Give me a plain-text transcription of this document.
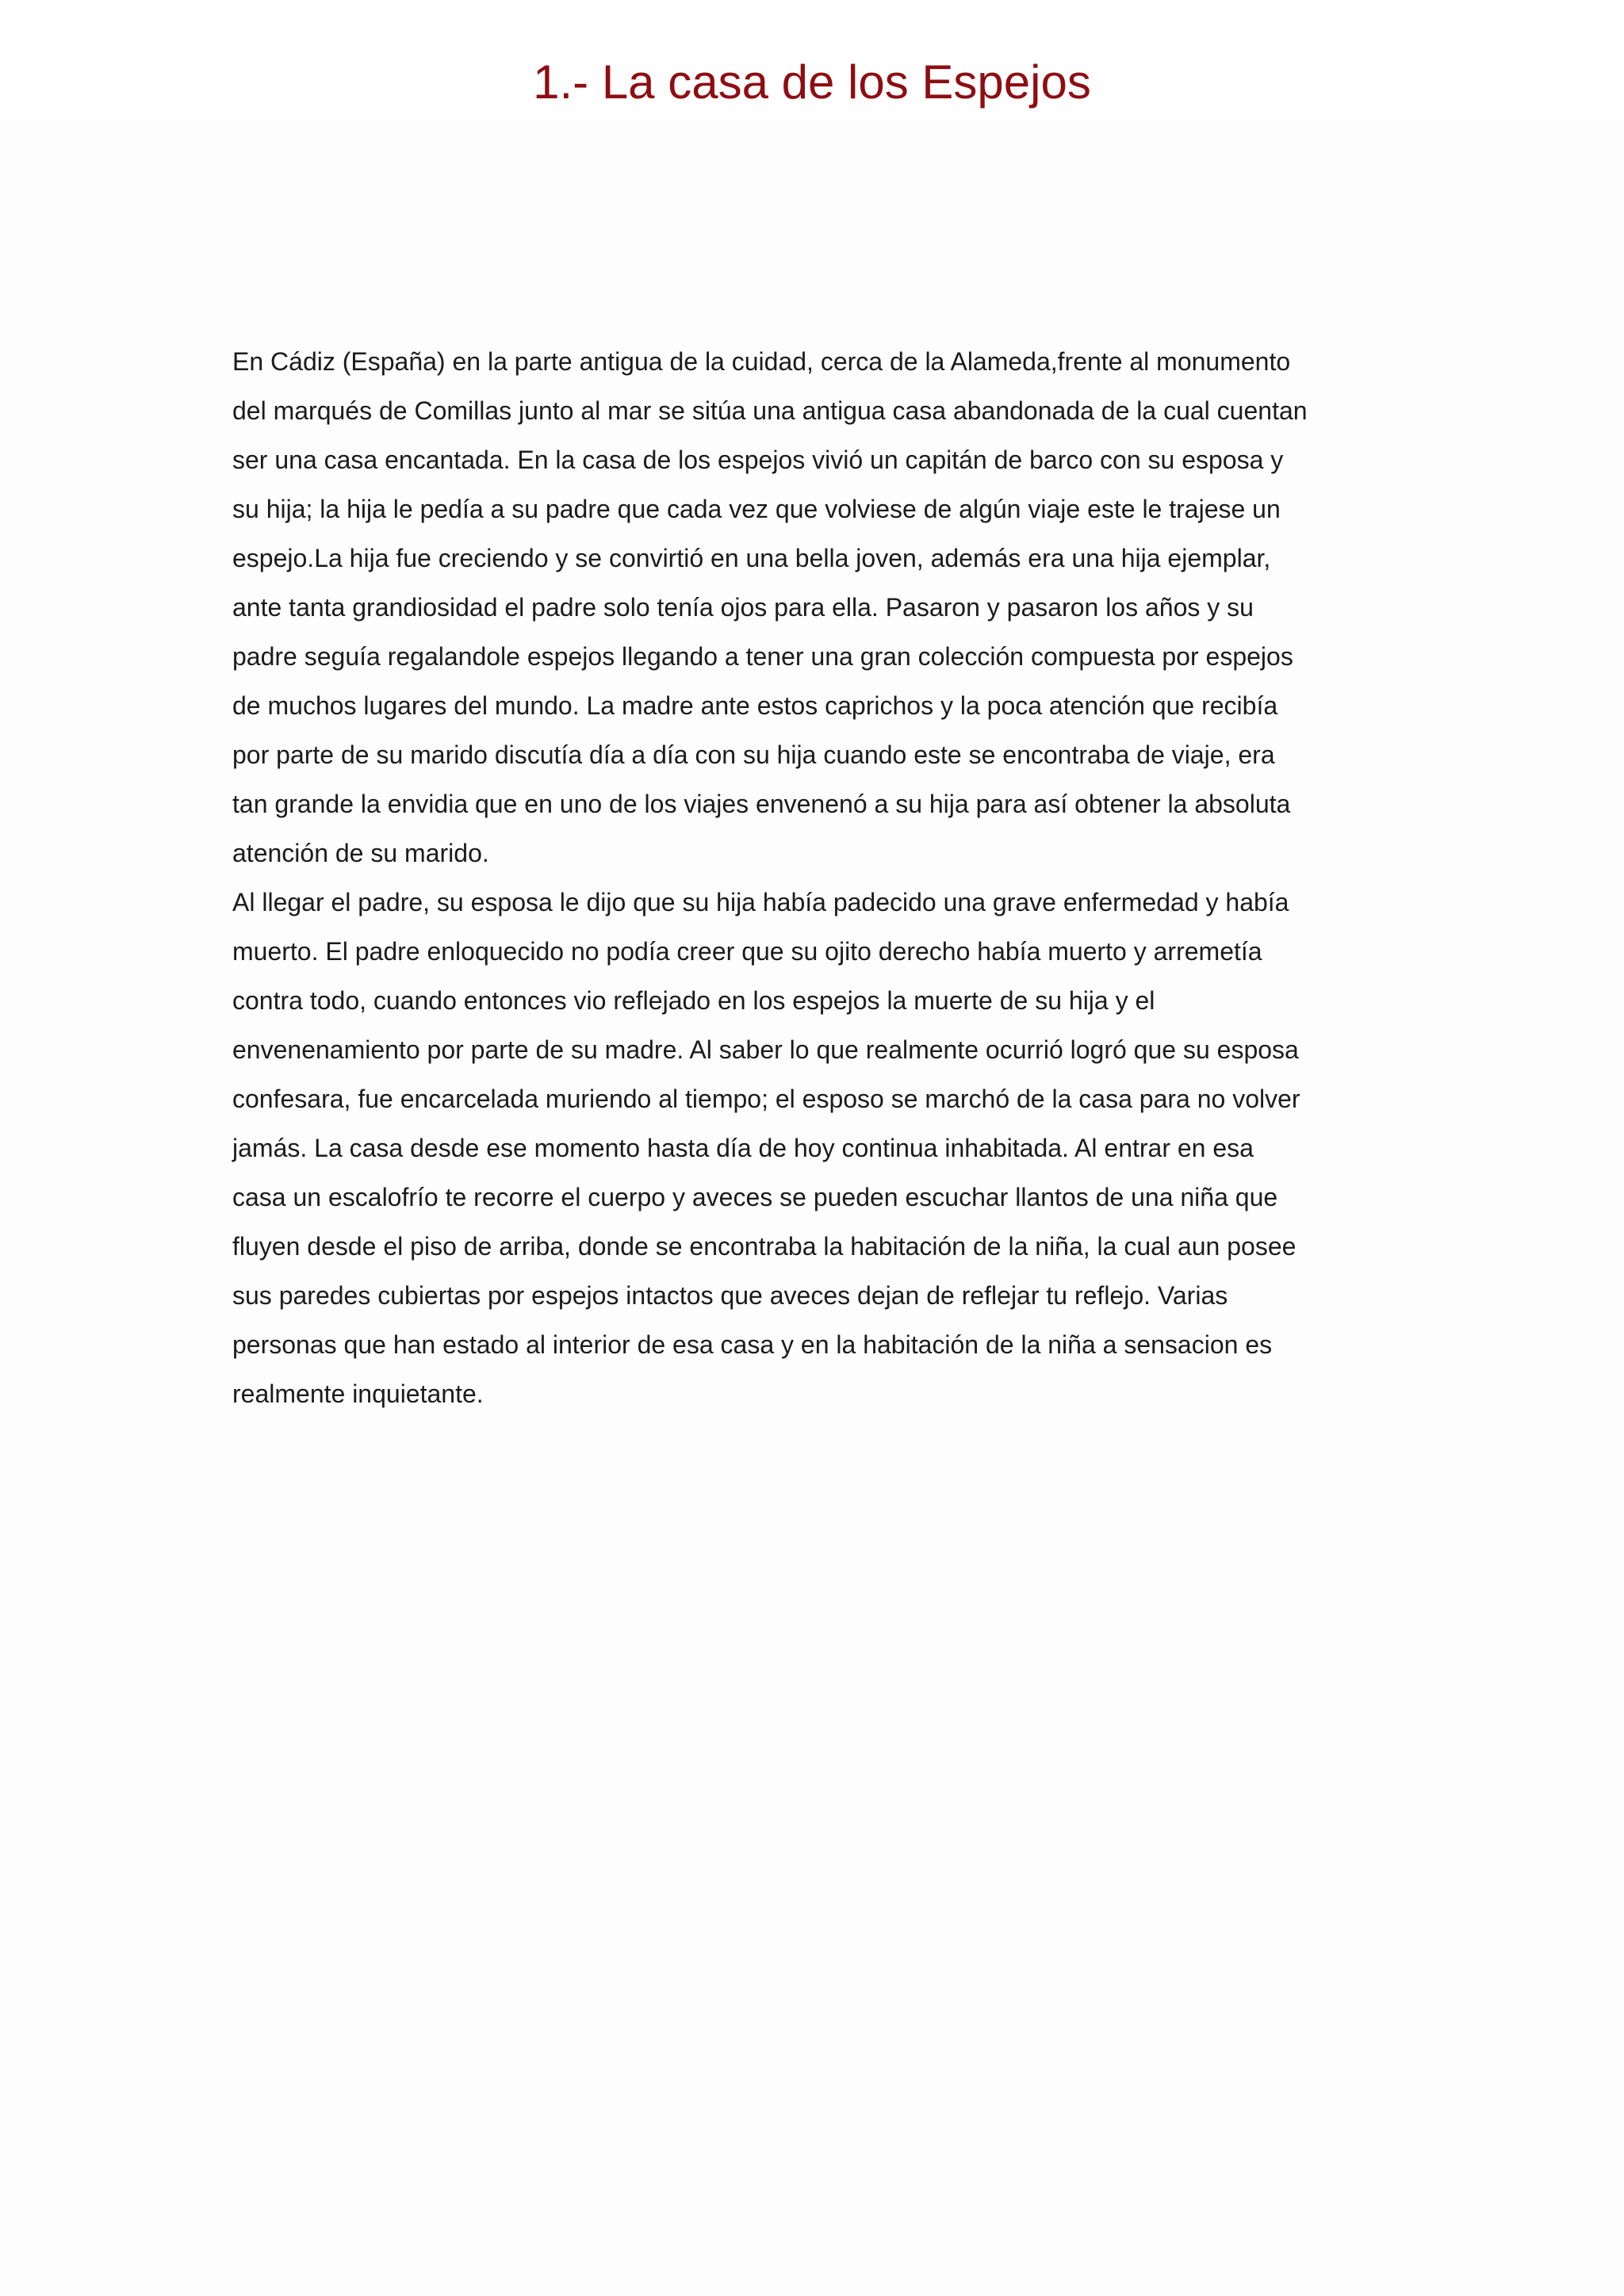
1.- La casa de los Espejos

En Cádiz (España) en la parte antigua de la cuidad, cerca de la Alameda,frente al monumento
del marqués de Comillas junto al mar se sitúa una antigua casa abandonada de la cual cuentan
ser una casa encantada. En la casa de los espejos vivió un capitán de barco con su esposa y
su hija; la hija le pedía a su padre que cada vez que volviese de algún viaje este le trajese un
espejo.La hija fue creciendo y se convirtió en una bella joven, además era una hija ejemplar,
ante tanta grandiosidad el padre solo tenía ojos para ella. Pasaron y pasaron los años y su
padre seguía regalandole espejos llegando a tener una gran colección compuesta por espejos
de muchos lugares del mundo. La madre ante estos caprichos y la poca atención que recibía
por parte de su marido discutía día a día con su hija cuando este se encontraba de viaje, era
tan grande la envidia que en uno de los viajes envenenó a su hija para así obtener la absoluta
atención de su marido.

Al llegar el padre, su esposa le dijo que su hija había padecido una grave enfermedad y había
muerto. El padre enloquecido no podía creer que su ojito derecho había muerto y arremetía
contra todo, cuando entonces vio reflejado en los espejos la muerte de su hija y el
envenenamiento por parte de su madre. Al saber lo que realmente ocurrió logró que su esposa
confesara, fue encarcelada muriendo al tiempo; el esposo se marchó de la casa para no volver
jamás. La casa desde ese momento hasta día de hoy continua inhabitada. Al entrar en esa
casa un escalofrío te recorre el cuerpo y aveces se pueden escuchar llantos de una niña que
fluyen desde el piso de arriba, donde se encontraba la habitación de la niña, la cual aun posee
sus paredes cubiertas por espejos intactos que aveces dejan de reflejar tu reflejo. Varias
personas que han estado al interior de esa casa y en la habitación de la niña a sensacion es
realmente inquietante.
